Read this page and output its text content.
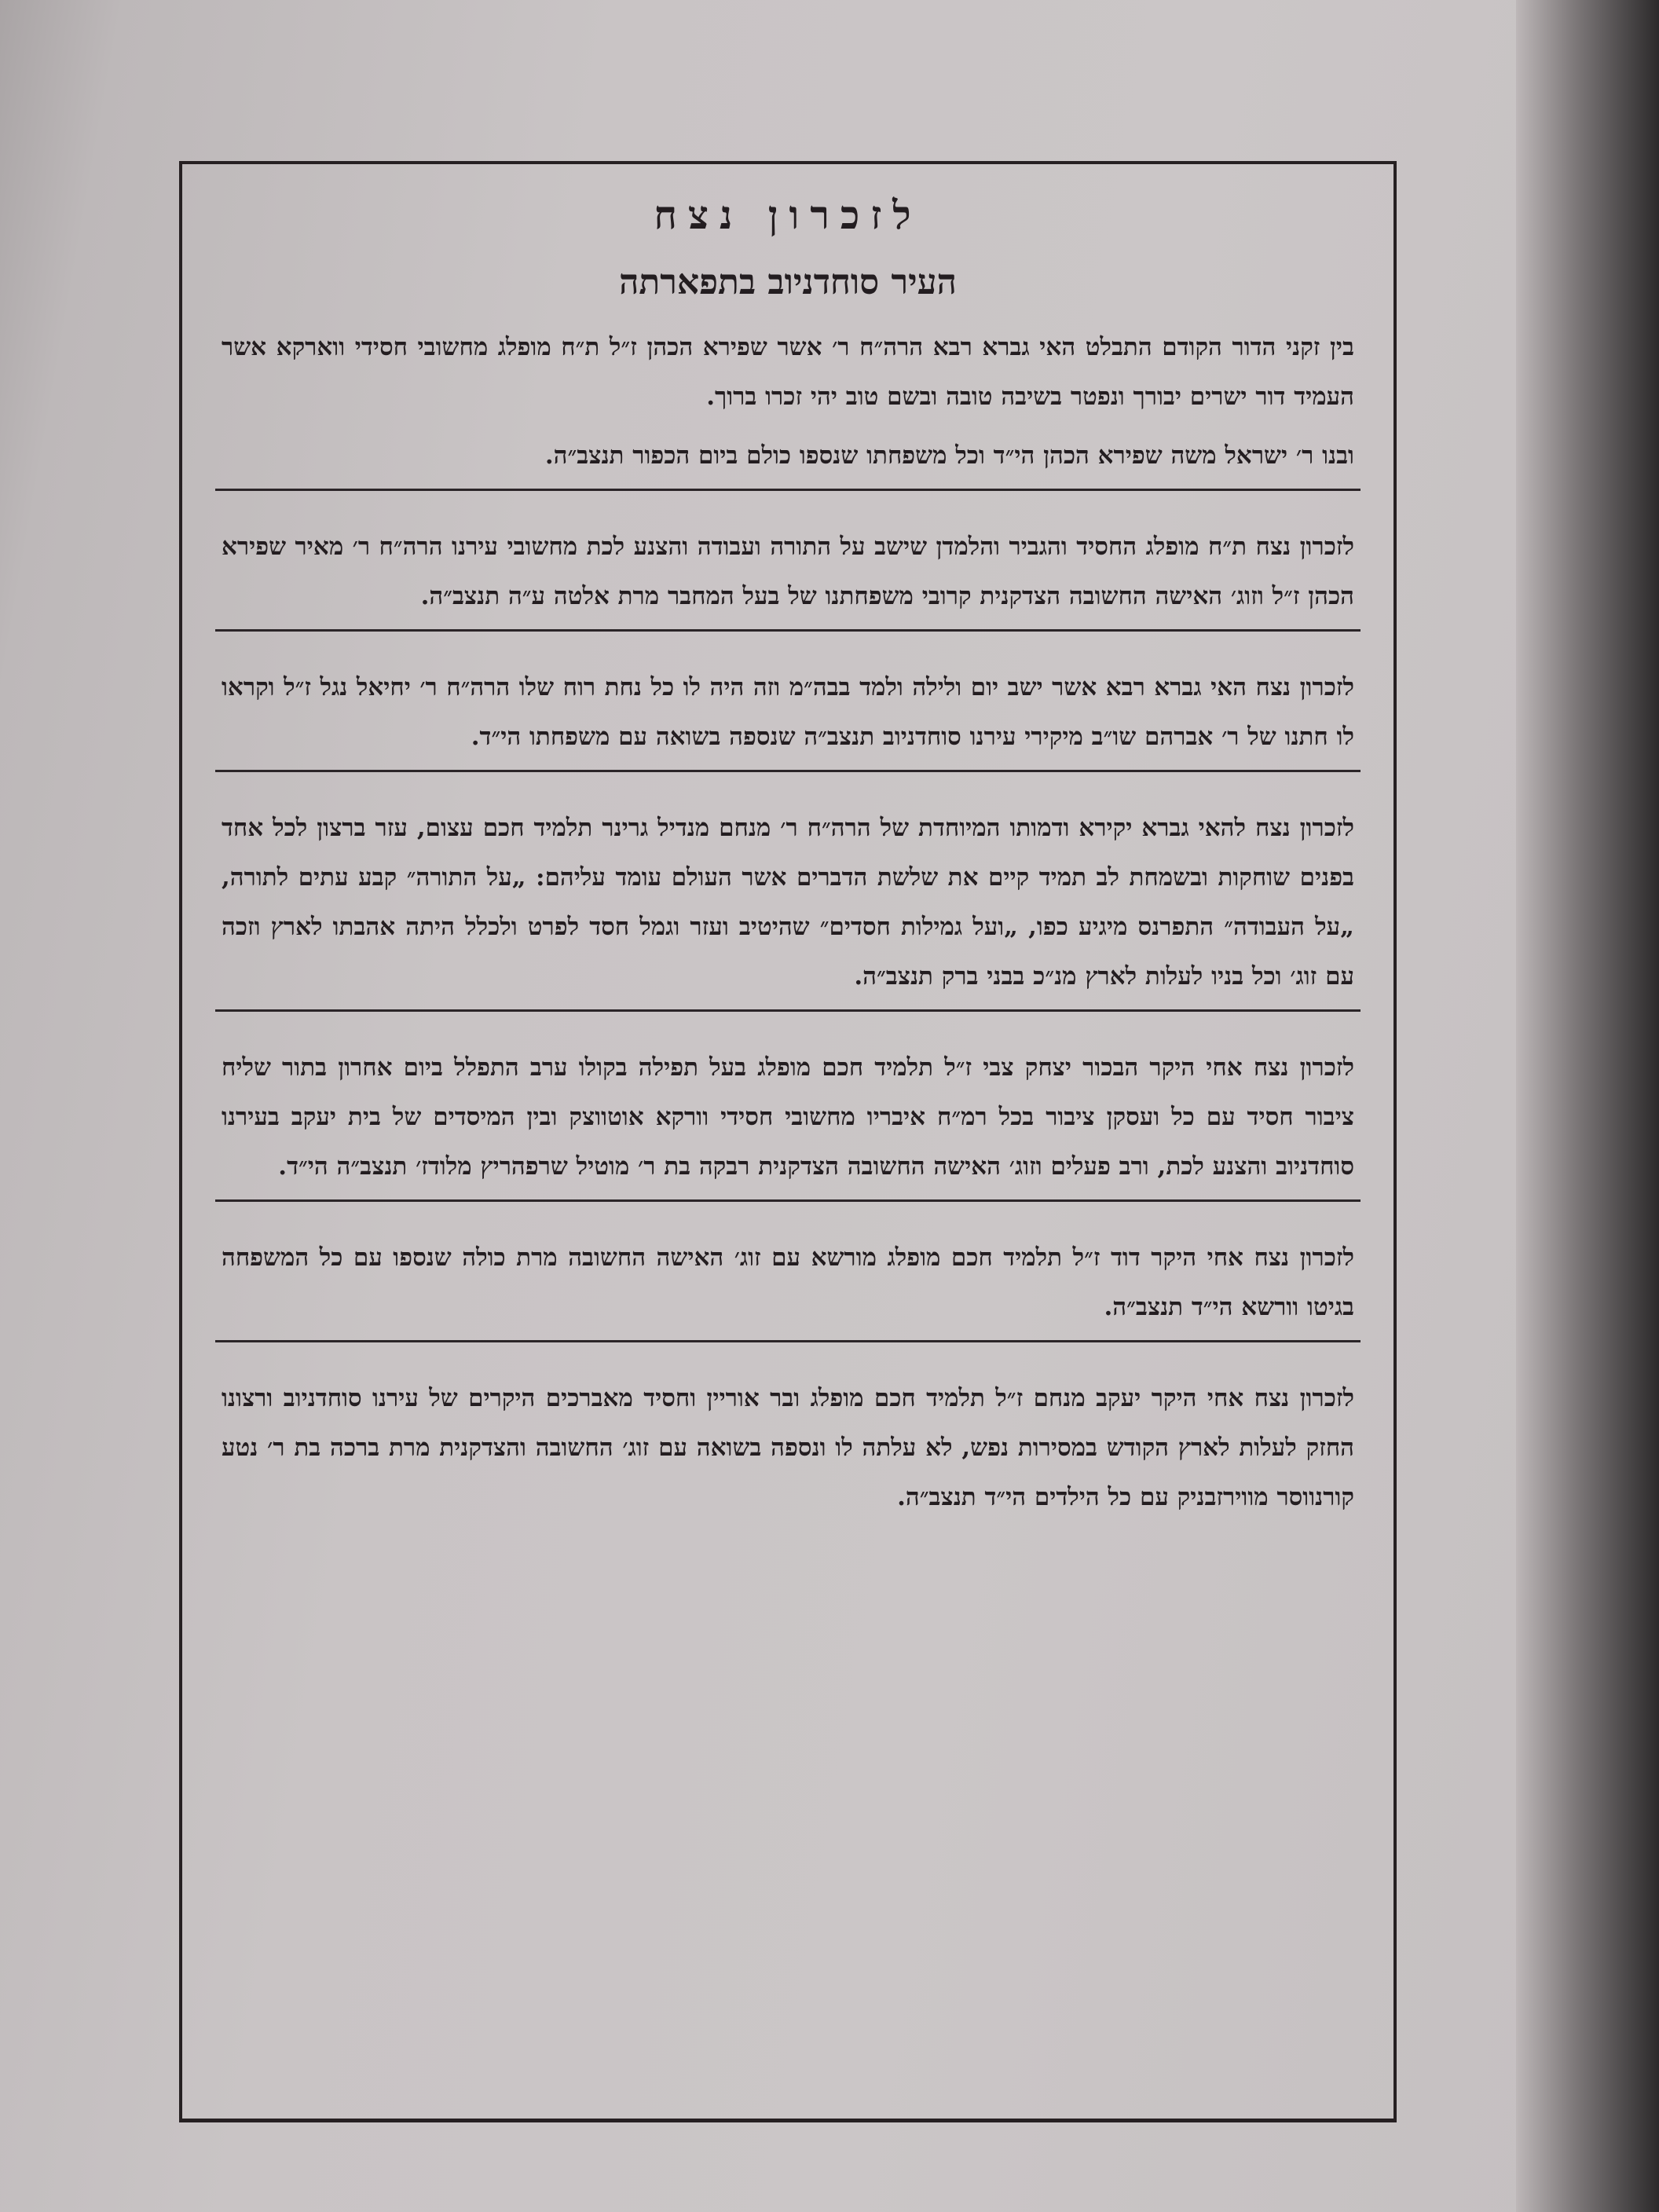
לזכרון נצח
העיר סוחדניוב בתפארתה

בין זקני הדור הקודם התבלט האי גברא רבא הרה״ח ר׳ אשר שפירא הכהן ז״ל ת״ח מופלג מחשובי חסידי ווארקא אשר העמיד דור ישרים יבורך ונפטר בשיבה טובה ובשם טוב יהי זכרו ברוך.

ובנו ר׳ ישראל משה שפירא הכהן הי״ד וכל משפחתו שנספו כולם ביום הכפור תנצב״ה.

לזכרון נצח ת״ח מופלג החסיד והגביר והלמדן שישב על התורה ועבודה והצנע לכת מחשובי עירנו הרה״ח ר׳ מאיר שפירא הכהן ז״ל וזוג׳ האישה החשובה הצדקנית קרובי משפחתנו של בעל המחבר מרת אלטה ע״ה תנצב״ה.

לזכרון נצח האי גברא רבא אשר ישב יום ולילה ולמד בבה״מ וזה היה לו כל נחת רוח שלו הרה״ח ר׳ יחיאל נגל ז״ל וקראו לו חתנו של ר׳ אברהם שו״ב מיקירי עירנו סוחדניוב תנצב״ה שנספה בשואה עם משפחתו הי״ד.

לזכרון נצח להאי גברא יקירא ודמותו המיוחדת של הרה״ח ר׳ מנחם מנדיל גרינר תלמיד חכם עצום, עזר ברצון לכל אחד בפנים שוחקות ובשמחת לב תמיד קיים את שלשת הדברים אשר העולם עומד עליהם: „על התורה״ קבע עתים לתורה, „על העבודה״ התפרנס מיגיע כפו, „ועל גמילות חסדים״ שהיטיב ועזר וגמל חסד לפרט ולכלל היתה אהבתו לארץ וזכה עם זוג׳ וכל בניו לעלות לארץ מנ״כ בבני ברק תנצב״ה.

לזכרון נצח אחי היקר הבכור יצחק צבי ז״ל תלמיד חכם מופלג בעל תפילה בקולו ערב התפלל ביום אחרון בתור שליח ציבור חסיד עם כל ועסקן ציבור בכל רמ״ח איבריו מחשובי חסידי וורקא אוטווצק ובין המיסדים של בית יעקב בעירנו סוחדניוב והצנע לכת, ורב פעלים וזוג׳ האישה החשובה הצדקנית רבקה בת ר׳ מוטיל שרפהריץ מלודז׳ תנצב״ה הי״ד.

לזכרון נצח אחי היקר דוד ז״ל תלמיד חכם מופלג מורשא עם זוג׳ האישה החשובה מרת כולה שנספו עם כל המשפחה בגיטו וורשא הי״ד תנצב״ה.

לזכרון נצח אחי היקר יעקב מנחם ז״ל תלמיד חכם מופלג ובר אוריין וחסיד מאברכים היקרים של עירנו סוחדניוב ורצונו החזק לעלות לארץ הקודש במסירות נפש, לא עלתה לו ונספה בשואה עם זוג׳ החשובה והצדקנית מרת ברכה בת ר׳ נטע קורנווסר מווירזבניק עם כל הילדים הי״ד תנצב״ה.
